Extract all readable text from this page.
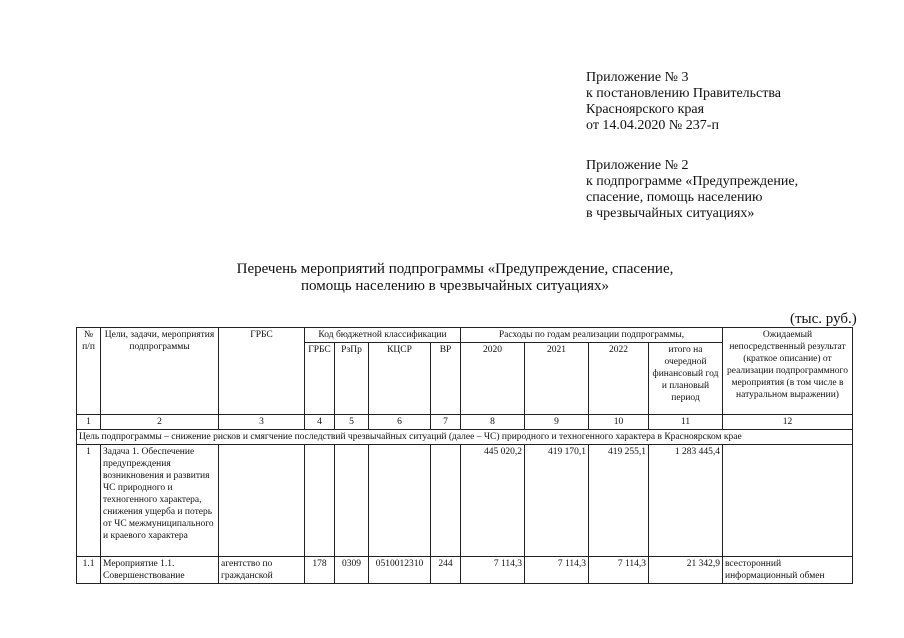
Приложение № 3
к постановлению Правительства
Красноярского края
от 14.04.2020 № 237-п
Приложение № 2
к подпрограмме «Предупреждение,
спасение, помощь населению
в чрезвычайных ситуациях»
Перечень мероприятий подпрограммы «Предупреждение, спасение,
помощь населению в чрезвычайных ситуациях»
(тыс. руб.)
№ п/п	Цели, задачи, мероприятия подпрограммы	ГРБС	Код бюджетной классификации				Расходы по годам реализации подпрограммы,				Ожидаемый непосредственный результат (краткое описание) от реализации подпрограммного мероприятия (в том числе в натуральном выражении)
			ГРБС	РзПр	КЦСР	ВР	2020	2021	2022	итого на очередной финансовый год и плановый период	
1	2	3	4	5	6	7	8	9	10	11	12
Цель подпрограммы – снижение рисков и смягчение последствий чрезвычайных ситуаций (далее – ЧС) природного и техногенного характера в Красноярском крае											
1	Задача 1. Обеспечение предупреждения возникновения и развития ЧС природного и техногенного характера, снижения ущерба и потерь от ЧС межмуниципального и краевого характера						445 020,2	419 170,1	419 255,1	1 283 445,4	
1.1	Мероприятие 1.1. Совершенствование	агентство по гражданской	178	0309	0510012310	244	7 114,3	7 114,3	7 114,3	21 342,9	всесторонний информационный обмен
